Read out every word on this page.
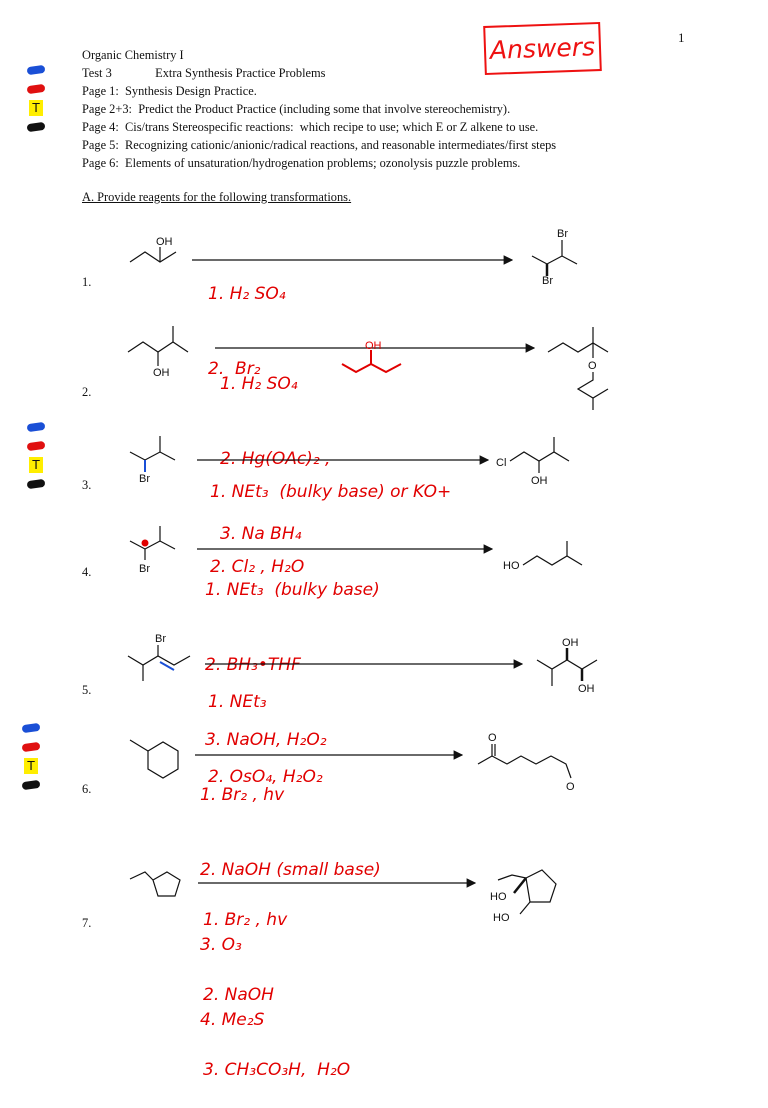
1
Answers
Organic Chemistry I
Test 3              Extra Synthesis Practice Problems
Page 1:  Synthesis Design Practice.
Page 2+3:  Predict the Product Practice (including some that involve stereochemistry).
Page 4:  Cis/trans Stereospecific reactions:  which recipe to use; which E or Z alkene to use.
Page 5:  Recognizing cationic/anionic/radical reactions, and reasonable intermediates/first steps
Page 6:  Elements of unsaturation/hydrogenation problems; ozonolysis puzzle problems.
T
T
T
A. Provide reagents for the following transformations.
1.
2.
3.
4.
5.
6.
7.

1. H₂ SO₄

2.  Br₂

1. H₂ SO₄

2. Hg(OAc)₂ ,

3. Na BH₄

1. NEt₃  (bulky base) or KO+

2. Cl₂ , H₂O

1. NEt₃  (bulky base)

2. BH₃•THF

3. NaOH, H₂O₂

1. NEt₃

2. OsO₄, H₂O₂

1. Br₂ , hv

2. NaOH (small base)

3. O₃

4. Me₂S

1. Br₂ , hv

2. NaOH

3. CH₃CO₃H,  H₂O

OH
Br
Br
OH
O
OH
Br
Cl
OH
Br	HO
Br	OH
OH
O
O
HO
HO
